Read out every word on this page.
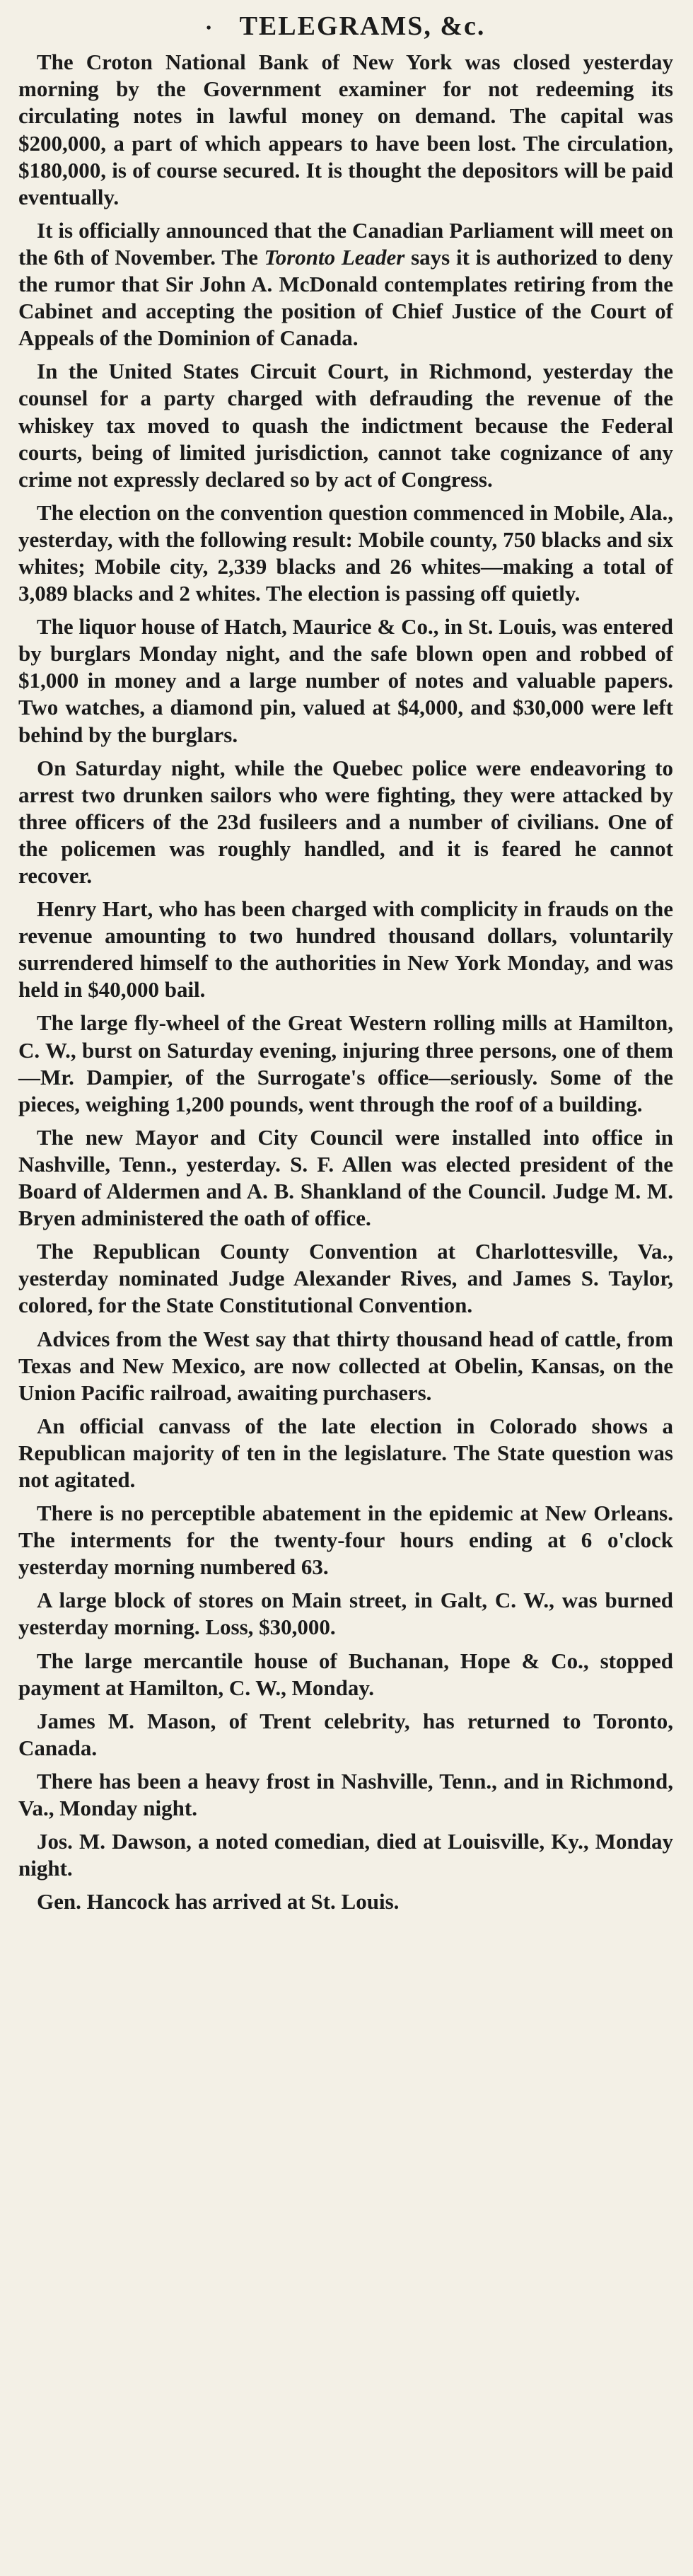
• TELEGRAMS, &c.

The Croton National Bank of New York was closed yesterday morning by the Government examiner for not redeeming its circulating notes in lawful money on demand. The capital was $200,000, a part of which appears to have been lost. The circulation, $180,000, is of course secured. It is thought the depositors will be paid eventually.

It is officially announced that the Canadian Parliament will meet on the 6th of November. The Toronto Leader says it is authorized to deny the rumor that Sir John A. McDonald contemplates retiring from the Cabinet and accepting the position of Chief Justice of the Court of Appeals of the Dominion of Canada.

In the United States Circuit Court, in Richmond, yesterday the counsel for a party charged with defrauding the revenue of the whiskey tax moved to quash the indictment because the Federal courts, being of limited jurisdiction, cannot take cognizance of any crime not expressly declared so by act of Congress.

The election on the convention question commenced in Mobile, Ala., yesterday, with the following result: Mobile county, 750 blacks and six whites; Mobile city, 2,339 blacks and 26 whites—making a total of 3,089 blacks and 2 whites. The election is passing off quietly.

The liquor house of Hatch, Maurice & Co., in St. Louis, was entered by burglars Monday night, and the safe blown open and robbed of $1,000 in money and a large number of notes and valuable papers. Two watches, a diamond pin, valued at $4,000, and $30,000 were left behind by the burglars.

On Saturday night, while the Quebec police were endeavoring to arrest two drunken sailors who were fighting, they were attacked by three officers of the 23d fusileers and a number of civilians. One of the policemen was roughly handled, and it is feared he cannot recover.

Henry Hart, who has been charged with complicity in frauds on the revenue amounting to two hundred thousand dollars, voluntarily surrendered himself to the authorities in New York Monday, and was held in $40,000 bail.

The large fly-wheel of the Great Western rolling mills at Hamilton, C. W., burst on Saturday evening, injuring three persons, one of them—Mr. Dampier, of the Surrogate's office—seriously. Some of the pieces, weighing 1,200 pounds, went through the roof of a building.

The new Mayor and City Council were installed into office in Nashville, Tenn., yesterday. S. F. Allen was elected president of the Board of Aldermen and A. B. Shankland of the Council. Judge M. M. Bryen administered the oath of office.

The Republican County Convention at Charlottesville, Va., yesterday nominated Judge Alexander Rives, and James S. Taylor, colored, for the State Constitutional Convention.

Advices from the West say that thirty thousand head of cattle, from Texas and New Mexico, are now collected at Obelin, Kansas, on the Union Pacific railroad, awaiting purchasers.

An official canvass of the late election in Colorado shows a Republican majority of ten in the legislature. The State question was not agitated.

There is no perceptible abatement in the epidemic at New Orleans. The interments for the twenty-four hours ending at 6 o'clock yesterday morning numbered 63.

A large block of stores on Main street, in Galt, C. W., was burned yesterday morning. Loss, $30,000.

The large mercantile house of Buchanan, Hope & Co., stopped payment at Hamilton, C. W., Monday.

James M. Mason, of Trent celebrity, has returned to Toronto, Canada.

There has been a heavy frost in Nashville, Tenn., and in Richmond, Va., Monday night.

Jos. M. Dawson, a noted comedian, died at Louisville, Ky., Monday night.

Gen. Hancock has arrived at St. Louis.
